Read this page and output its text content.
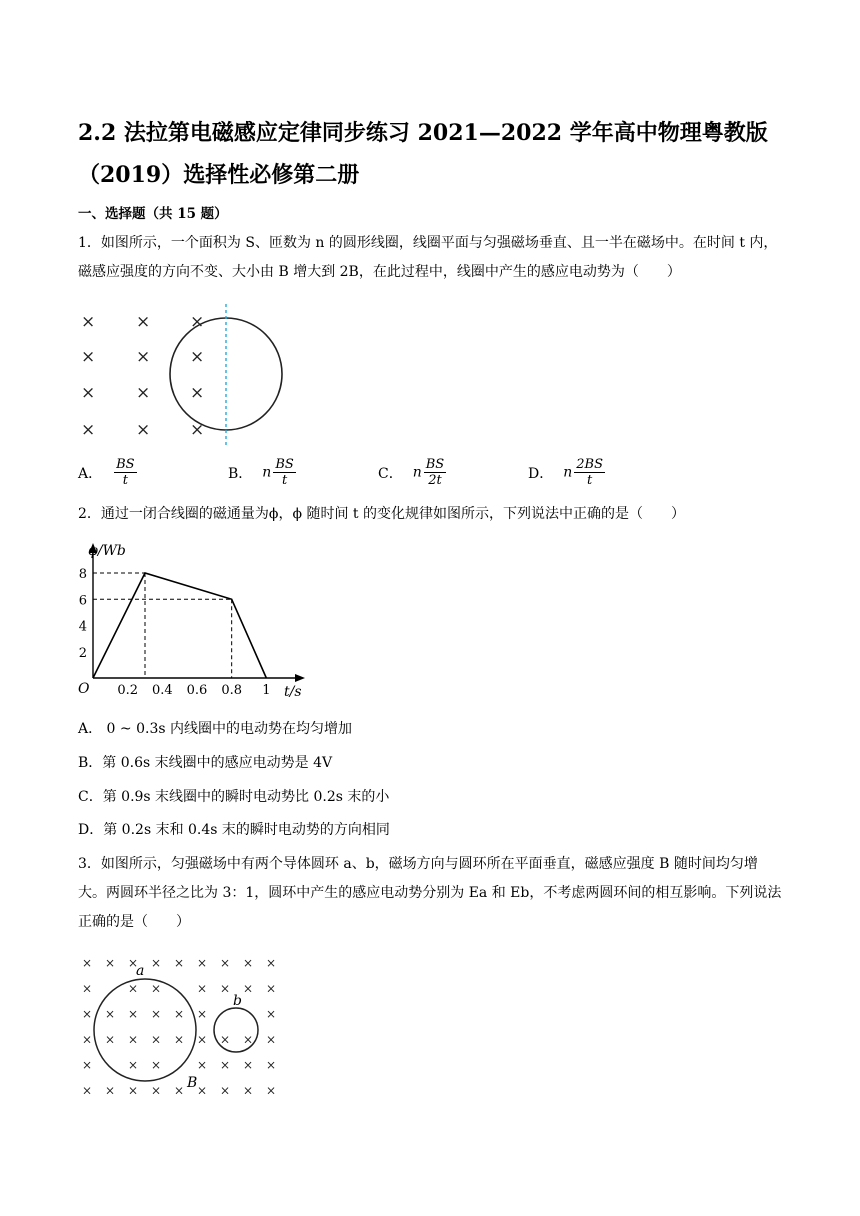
2.2 法拉第电磁感应定律同步练习 2021—2022 学年高中物理粤教版（2019）选择性必修第二册
一、选择题（共 15 题）
1．如图所示，一个面积为 S、匝数为 n 的圆形线圈，线圈平面与匀强磁场垂直、且一半在磁场中。在时间 t 内，磁感应强度的方向不变、大小由 B 增大到 2B，在此过程中，线圈中产生的感应电动势为（　　）
× × ×
× × ×
× × ×
× × ×
A． $\frac{BS}{t}$	B． n $\frac{BS}{t}$	C． n $\frac{BS}{2t}$	D． n $\frac{2BS}{t}$
2．通过一闭合线圈的磁通量为ϕ，ϕ 随时间 t 的变化规律如图所示，下列说法中正确的是（　　）
0.2 0.4 0.6 0.8 1
2
4
6
8
φ/Wb
t/s
O
A． 0 ~ 0.3s 内线圈中的电动势在均匀增加
B．第 0.6s 末线圈中的感应电动势是 4V
C．第 0.9s 末线圈中的瞬时电动势比 0.2s 末的小
D．第 0.2s 末和 0.4s 末的瞬时电动势的方向相同
3．如图所示，匀强磁场中有两个导体圆环 a、b，磁场方向与圆环所在平面垂直，磁感应强度 B 随时间均匀增大。两圆环半径之比为 3：1，圆环中产生的感应电动势分别为 Ea 和 Eb，不考虑两圆环间的相互影响。下列说法正确的是（　　）
× × × × × × × × ×
×	× ×	× × × ×
× × × × × ×	×
× × × × × × × × ×
×	× ×	× × × ×
× × × × × × × × ×
a
b
B
